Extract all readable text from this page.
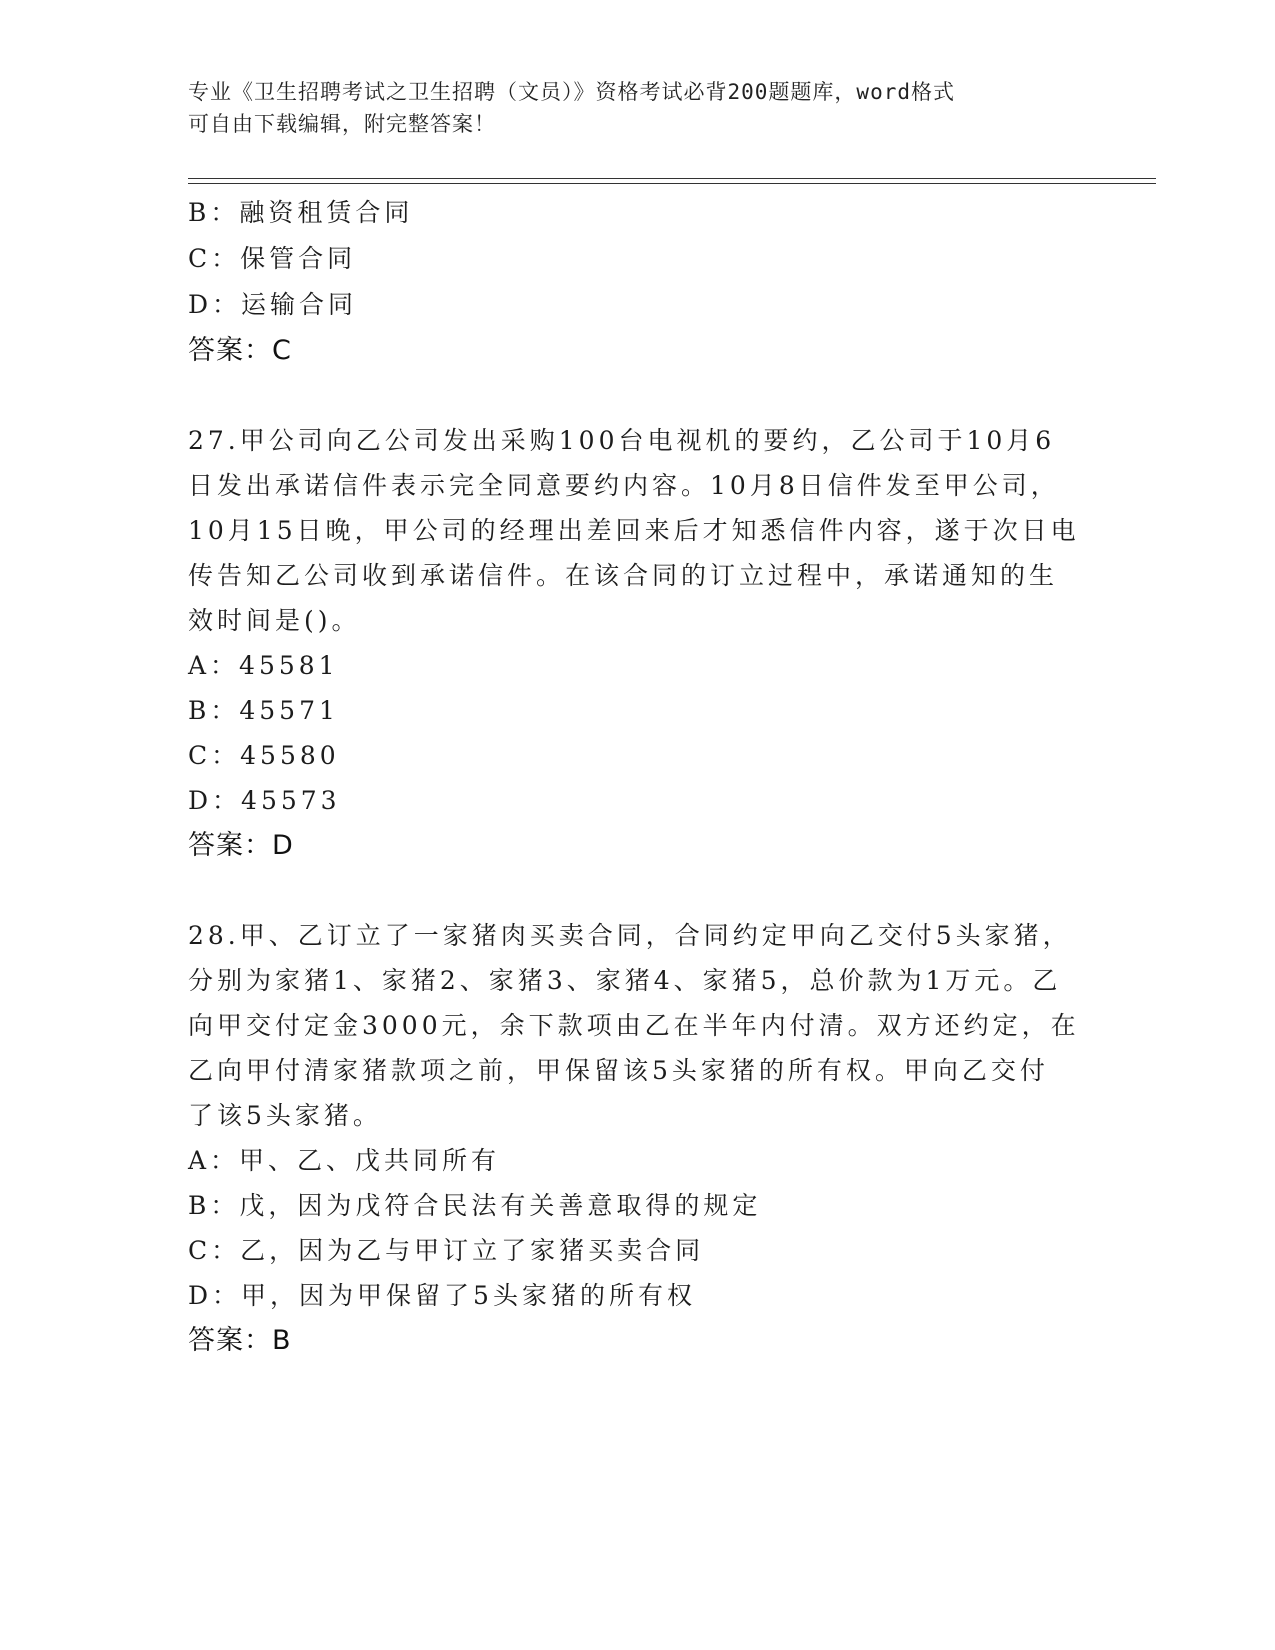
专业《卫生招聘考试之卫生招聘（文员）》资格考试必背200题题库，word格式
可自由下载编辑，附完整答案！
B：融资租赁合同
C：保管合同
D：运输合同
答案：C
27.甲公司向乙公司发出采购100台电视机的要约，乙公司于10月6
日发出承诺信件表示完全同意要约内容。10月8日信件发至甲公司，
10月15日晚，甲公司的经理出差回来后才知悉信件内容，遂于次日电
传告知乙公司收到承诺信件。在该合同的订立过程中，承诺通知的生
效时间是()。
A：45581
B：45571
C：45580
D：45573
答案：D
28.甲、乙订立了一家猪肉买卖合同，合同约定甲向乙交付5头家猪，
分别为家猪1、家猪2、家猪3、家猪4、家猪5，总价款为1万元。乙
向甲交付定金3000元，余下款项由乙在半年内付清。双方还约定，在
乙向甲付清家猪款项之前，甲保留该5头家猪的所有权。甲向乙交付
了该5头家猪。
A：甲、乙、戊共同所有
B：戊，因为戊符合民法有关善意取得的规定
C：乙，因为乙与甲订立了家猪买卖合同
D：甲，因为甲保留了5头家猪的所有权
答案：B
